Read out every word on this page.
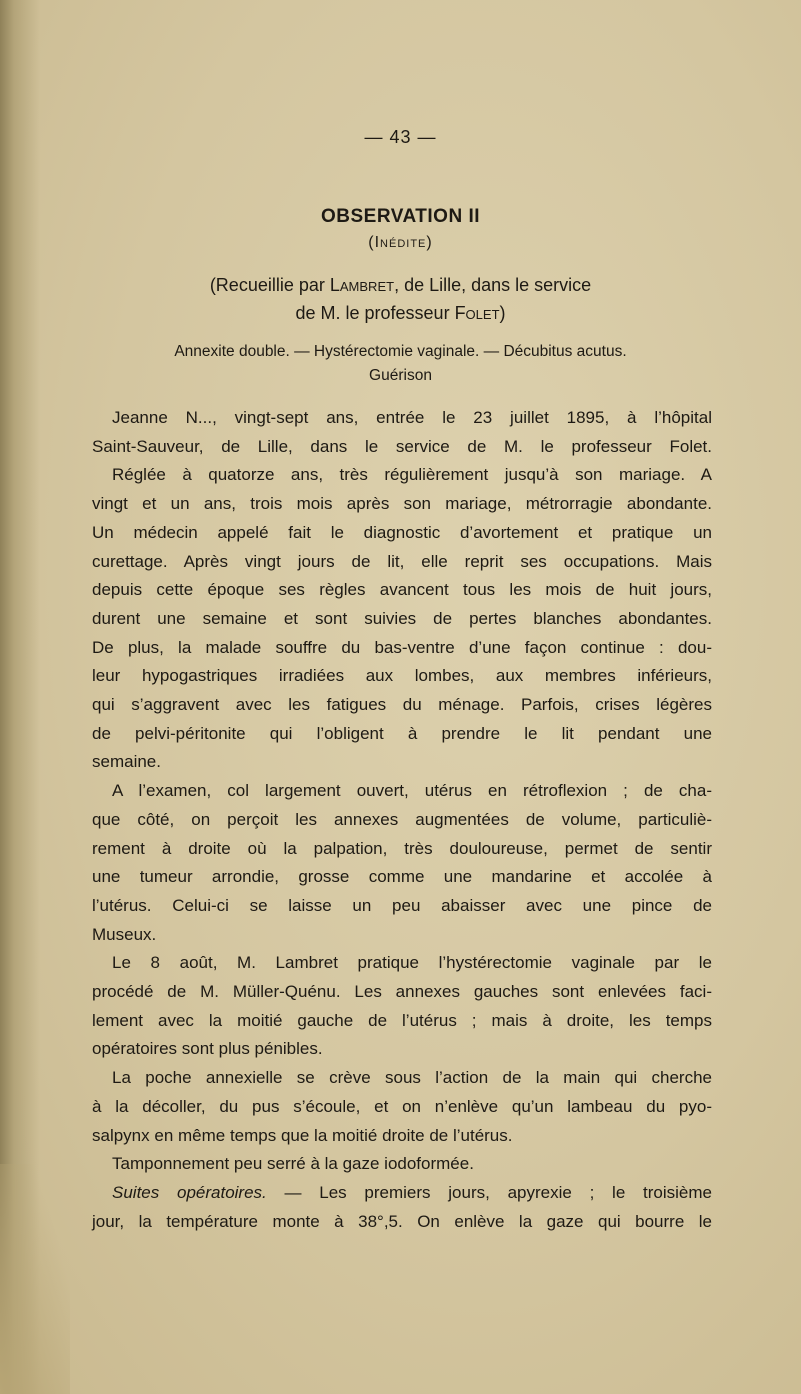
— 43 —
OBSERVATION II
(Inédite)
(Recueillie par Lambret, de Lille, dans le service
de M. le professeur Folet)
Annexite double. — Hystérectomie vaginale. — Décubitus acutus.
Guérison
Jeanne N..., vingt-sept ans, entrée le 23 juillet 1895, à l’hôpital
Saint-Sauveur, de Lille, dans le service de M. le professeur Folet.
Réglée à quatorze ans, très régulièrement jusqu’à son mariage. A
vingt et un ans, trois mois après son mariage, métrorragie abondante.
Un médecin appelé fait le diagnostic d’avortement et pratique un
curettage. Après vingt jours de lit, elle reprit ses occupations. Mais
depuis cette époque ses règles avancent tous les mois de huit jours,
durent une semaine et sont suivies de pertes blanches abondantes.
De plus, la malade souffre du bas-ventre d’une façon continue : dou-
leur hypogastriques irradiées aux lombes, aux membres inférieurs,
qui s’aggravent avec les fatigues du ménage. Parfois, crises légères
de pelvi-péritonite qui l’obligent à prendre le lit pendant une
semaine.
A l’examen, col largement ouvert, utérus en rétroflexion ; de cha-
que côté, on perçoit les annexes augmentées de volume, particuliè-
rement à droite où la palpation, très douloureuse, permet de sentir
une tumeur arrondie, grosse comme une mandarine et accolée à
l’utérus. Celui-ci se laisse un peu abaisser avec une pince de
Museux.
Le 8 août, M. Lambret pratique l’hystérectomie vaginale par le
procédé de M. Müller-Quénu. Les annexes gauches sont enlevées faci-
lement avec la moitié gauche de l’utérus ; mais à droite, les temps
opératoires sont plus pénibles.
La poche annexielle se crève sous l’action de la main qui cherche
à la décoller, du pus s’écoule, et on n’enlève qu’un lambeau du pyo-
salpynx en même temps que la moitié droite de l’utérus.
Tamponnement peu serré à la gaze iodoformée.
Suites opératoires. — Les premiers jours, apyrexie ; le troisième
jour, la température monte à 38°,5. On enlève la gaze qui bourre le
